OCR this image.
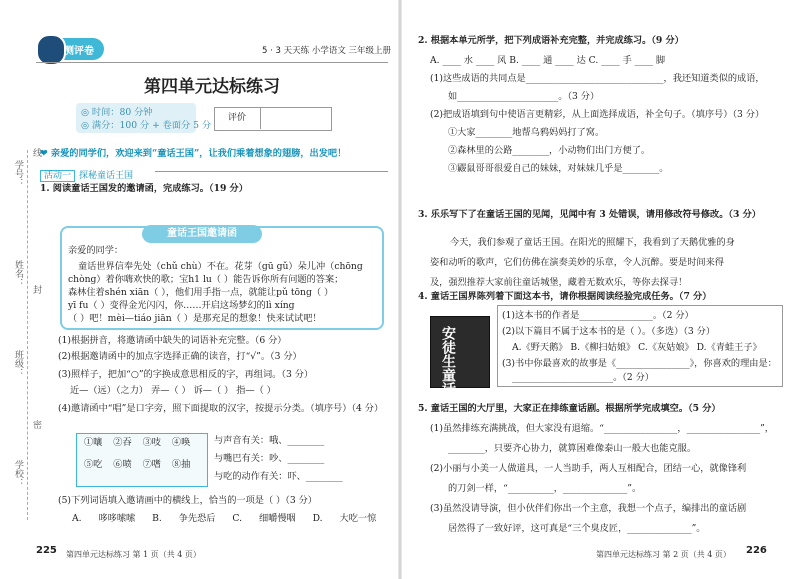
学号：
姓名：
班级：
学校：
线
封
密
测评卷	5 · 3 天天练 小学语文 三年级上册
第四单元达标练习
◎ 时间：80 分钟
◎ 满分：100 分 + 卷面分 5 分
评价
❤ 亲爱的同学们，欢迎来到“童话王国”，让我们乘着想象的翅膀，出发吧！
活动一 探秘童话王国
1. 阅读童话王国发的邀请函，完成练习。（19 分）
童话王国邀请函
亲爱的同学：
童话世界信奉先处（chǔ chù）不在。花芽（gū gǔ）朵儿冲（chōng
chòng）着你嗨欢快的歌；宝h1 lu（ ）能告诉你所有问题的答案；
森林住着shén xiān（ ），他们用手指一点，就能让pǔ tōng（ ）
yī fu（ ）变得金光闪闪，你……开启这场梦幻的lì xíng
（ ）吧！mèi—tiáo jiān（ ）是那充足的想象！快来试试吧！
(1)根据拼音，将邀请函中缺失的词语补充完整。（6 分）
(2)根据邀请函中的加点字选择正确的读音，打“√”。（3 分）
(3)照样子，把加“○”的字换成意思相反的字，再组词。（3 分）
近—（远）（之力） 弄—（ ） 诉—（ ） 指—（ ）
(4)邀请函中“唱”是口字旁，照下面提取的汉字，按提示分类。（填序号）（4 分）
①嚷 ②吞 ③吱 ④唤
⑤吃 ⑥喷 ⑦嗜 ⑧抽
与声音有关：哦、________
与嘴巴有关：吵、________
与吃的动作有关：吓、________
(5)下列词语填入邀请画中的横线上，恰当的一项是（ ）（3 分）
A. 哆哆嗦嗦 B. 争先恐后 C. 细嚼慢咽 D. 大吃一惊
225 第四单元达标练习 第 1 页（共 4 页）
2. 根据本单元所学，把下列成语补充完整，并完成练习。（9 分）
A. ____ 水 ____ 风 B. ____ 通 ____ 达 C. ____ 手 ____ 脚
(1)这些成语的共同点是______________________________，我还知道类似的成语，
如______________________。（3 分）
(2)把成语填到句中使语言更精彩，从上面选择成语，补全句子。（填序号）（3 分）
①大家________地帮乌鸦妈妈打了窝。
②森林里的公路________，小动物们出门方便了。
③鼹鼠哥哥很爱自己的妹妹，对妹妹几乎是________。
3. 乐乐写下了在童话王国的见闻，见闻中有 3 处错误，请用修改符号修改。（3 分）
今天，我们参观了童话王国。在阳光的照耀下，我看到了天鹅优雅的身
姿和动听的歌声，它们仿佛在演奏美妙的乐章，令人沉醉。要是时间来得
及，强烈推荐大家前往童话城堡，藏着无数欢乐，等你去探寻！
4. 童话王国界陈列着下面这本书，请你根据阅读经验完成任务。（7 分）
安徒生童话
(1)这本书的作者是________________。（2 分）
(2)以下篇目不属于这本书的是（ ）。（多选）（3 分）
A.《野天鹅》 B.《柳扫姑娘》 C.《灰姑娘》 D.《青蛙王子》
(3)书中你最喜欢的故事是《________________》，你喜欢的理由是：
______________________。（2 分）
5. 童话王国的大厅里，大家正在排练童话剧。根据所学完成填空。（5 分）
(1)虽然排练充满挑战，但大家没有退缩。“________________，________________”，
________，只要齐心协力，就算困难像泰山一般大也能克服。
(2)小丽与小美一人做道具，一人当助手，两人互相配合，团结一心，就像锋利
的刀剑一样，“__________，______________”。
(3)虽然没请导演，但小伙伴们你出一个主意，我想一个点子，编排出的童话剧
居然得了一致好评，这可真是“三个臭皮匠，______________”。
第四单元达标练习 第 2 页（共 4 页） 226
